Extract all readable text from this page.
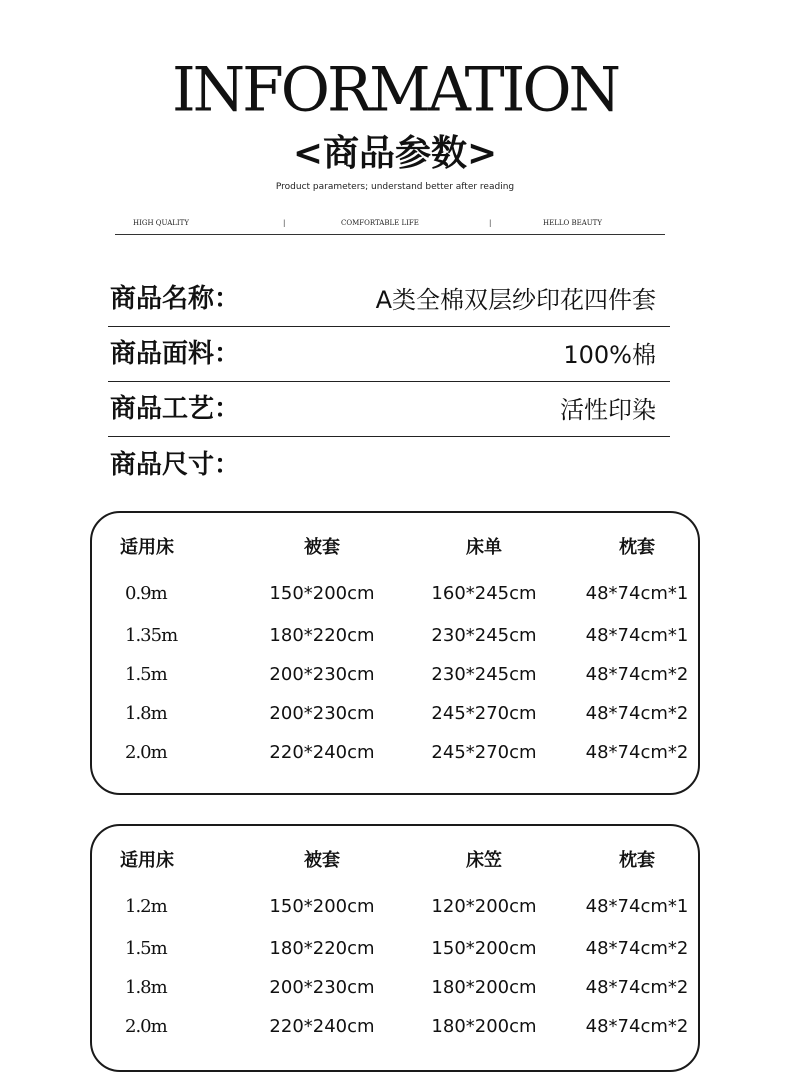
INFORMATION
<商品参数>
Product parameters; understand better after reading
HIGH QUALITY	|	COMFORTABLE LIFE	|	HELLO BEAUTY
商品名称：	A类全棉双层纱印花四件套
商品面料：	100%棉
商品工艺：	活性印染
商品尺寸：
适用床	被套	床单	枕套
0.9m	150*200cm	160*245cm	48*74cm*1
1.35m	180*220cm	230*245cm	48*74cm*1
1.5m	200*230cm	230*245cm	48*74cm*2
1.8m	200*230cm	245*270cm	48*74cm*2
2.0m	220*240cm	245*270cm	48*74cm*2
适用床	被套	床笠	枕套
1.2m	150*200cm	120*200cm	48*74cm*1
1.5m	180*220cm	150*200cm	48*74cm*2
1.8m	200*230cm	180*200cm	48*74cm*2
2.0m	220*240cm	180*200cm	48*74cm*2
